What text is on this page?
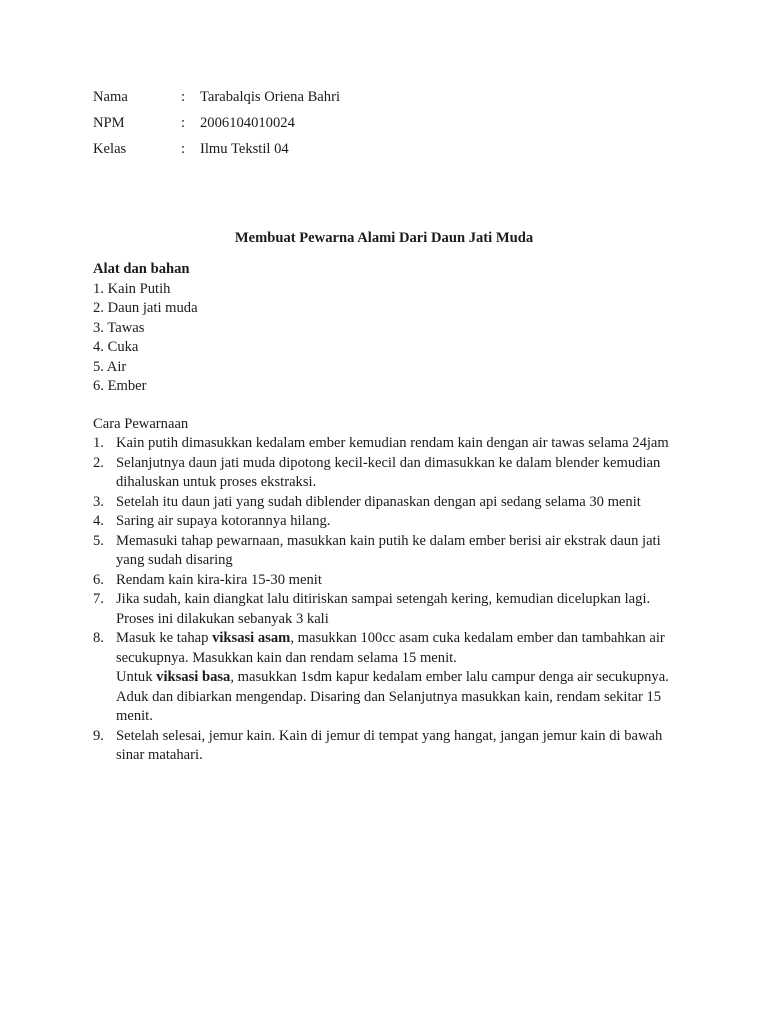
Nama	: Tarabalqis Oriena Bahri
NPM	: 2006104010024
Kelas	: Ilmu Tekstil 04
Membuat Pewarna Alami Dari Daun Jati Muda
Alat dan bahan
1. Kain Putih
2. Daun jati muda
3. Tawas
4. Cuka
5. Air
6. Ember
Cara Pewarnaan
1. Kain putih dimasukkan kedalam ember kemudian rendam kain dengan air tawas selama 24jam
2. Selanjutnya daun jati muda dipotong kecil-kecil dan dimasukkan ke dalam blender kemudian dihaluskan untuk proses ekstraksi.
3. Setelah itu daun jati yang sudah diblender dipanaskan dengan api sedang selama 30 menit
4. Saring air supaya kotorannya hilang.
5. Memasuki tahap pewarnaan, masukkan kain putih ke dalam ember berisi air ekstrak daun jati yang sudah disaring
6. Rendam kain kira-kira 15-30 menit
7. Jika sudah, kain diangkat lalu ditiriskan sampai setengah kering, kemudian dicelupkan lagi. Proses ini dilakukan sebanyak 3 kali
8. Masuk ke tahap viksasi asam, masukkan 100cc asam cuka kedalam ember dan tambahkan air secukupnya. Masukkan kain dan rendam selama 15 menit.
Untuk viksasi basa, masukkan 1sdm kapur kedalam ember lalu campur denga air secukupnya. Aduk dan dibiarkan mengendap. Disaring dan Selanjutnya masukkan kain, rendam sekitar 15 menit.
9. Setelah selesai, jemur kain. Kain di jemur di tempat yang hangat, jangan jemur kain di bawah sinar matahari.
